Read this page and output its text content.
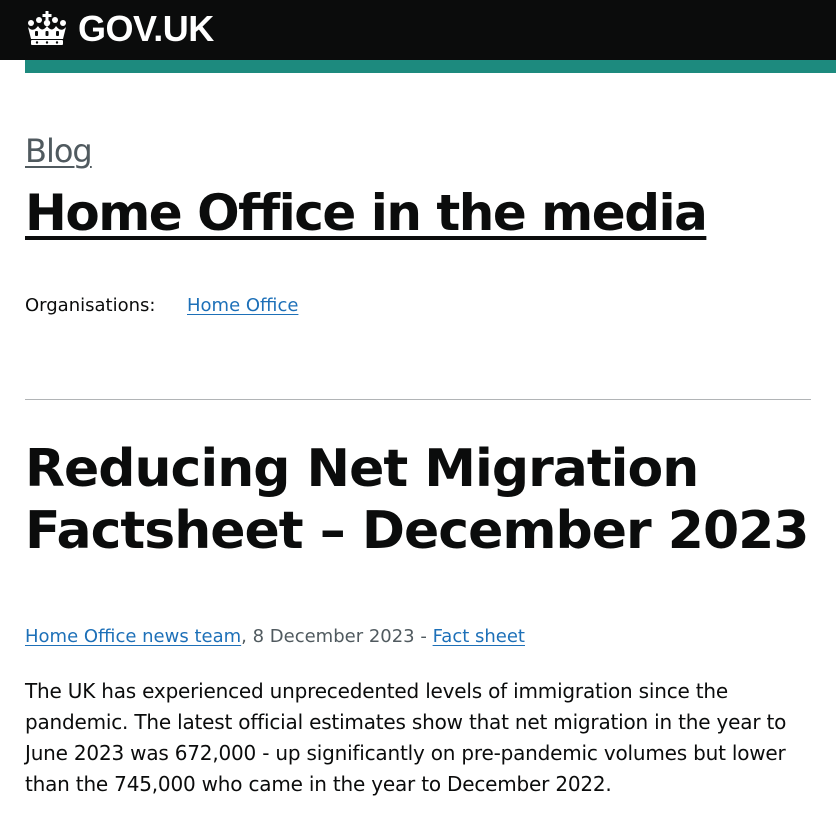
GOV.UK
Blog
Home Office in the media
Organisations: Home Office
Reducing Net Migration Factsheet – December 2023
Home Office news team, 8 December 2023 - Fact sheet

The UK has experienced unprecedented levels of immigration since the pandemic. The latest official estimates show that net migration in the year to June 2023 was 672,000 - up significantly on pre-pandemic volumes but lower than the 745,000 who came in the year to December 2022.
